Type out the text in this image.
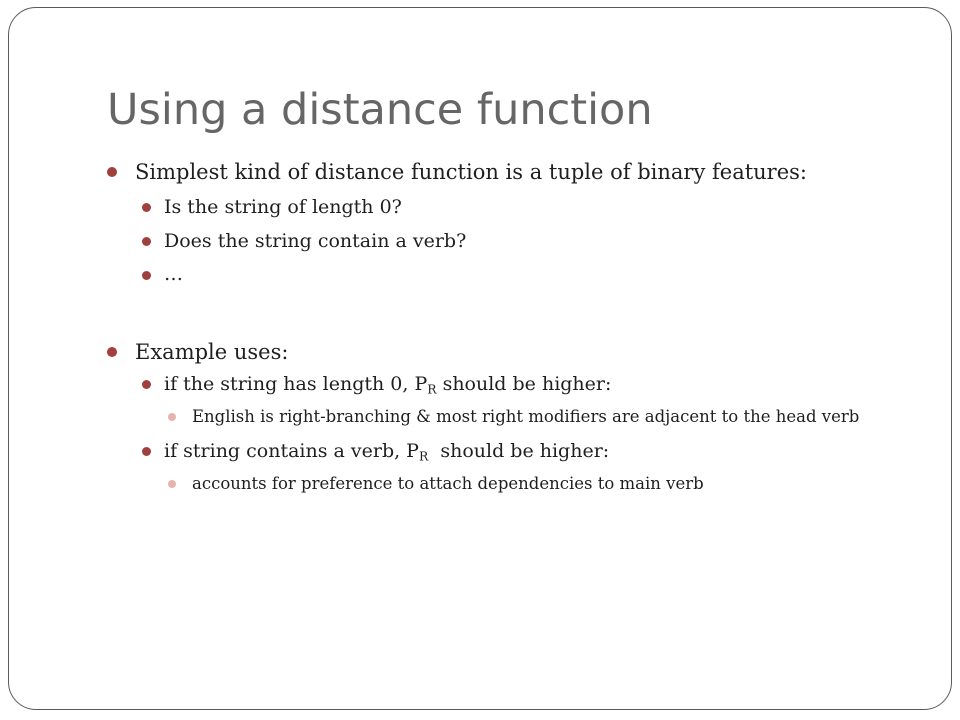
Using a distance function
Simplest kind of distance function is a tuple of binary features:
Is the string of length 0?
Does the string contain a verb?
…
Example uses:
if the string has length 0, $P_R$ should be higher:
English is right-branching & most right modifiers are adjacent to the head verb
if string contains a verb, $P_R$  should be higher:
accounts for preference to attach dependencies to main verb
